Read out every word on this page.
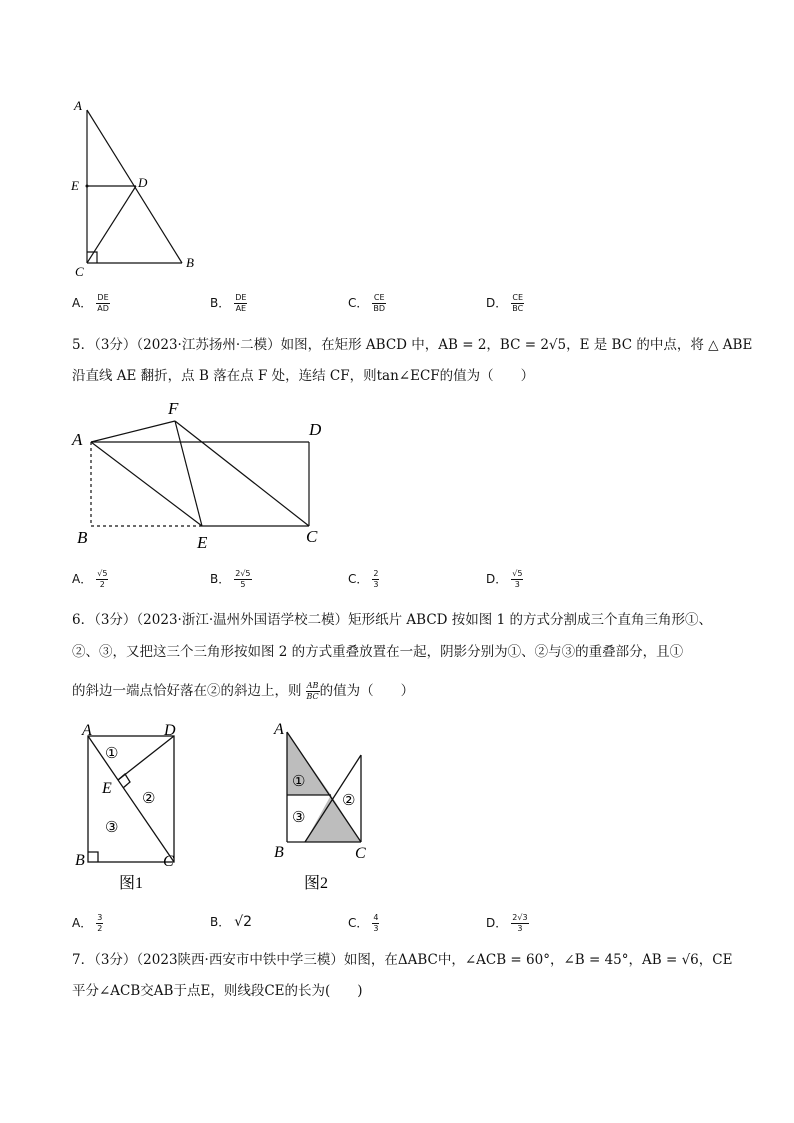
A
E	D
C
B
A． $\frac{DE}{AD}$	B． $\frac{DE}{AE}$	C． $\frac{CE}{BD}$	D． $\frac{CE}{BC}$
5．（3分）（2023·江苏扬州·二模）如图，在矩形 ABCD 中，AB = 2，BC = 2√5，E 是 BC 的中点，将 △ ABE
沿直线 AE 翻折，点 B 落在点 F 处，连结 CF，则tan∠ECF的值为（　　）
A
F
D
B	E	C
A． $\frac{√5}{2}$	B． $\frac{2√5}{5}$	C． $\frac{2}{3}$	D． $\frac{√5}{3}$
6．（3分）（2023·浙江·温州外国语学校二模）矩形纸片 ABCD 按如图 1 的方式分割成三个直角三角形①、
②、③，又把这三个三角形按如图 2 的方式重叠放置在一起，阴影分别为①、②与③的重叠部分，且①
的斜边一端点恰好落在②的斜边上，则 $\frac{AB}{BC}$ 的值为（　　）
A	D
E
B	C
①
②
③
图1
A
B	C
①
②
③
图2
A． $\frac{3}{2}$	B． √2	C． $\frac{4}{3}$	D． $\frac{2√3}{3}$
7．（3分）（2023陕西·西安市中铁中学三模）如图，在ΔABC中，∠ACB = 60°，∠B = 45°，AB = √6，CE
平分∠ACB交AB于点E，则线段CE的长为(　　)
